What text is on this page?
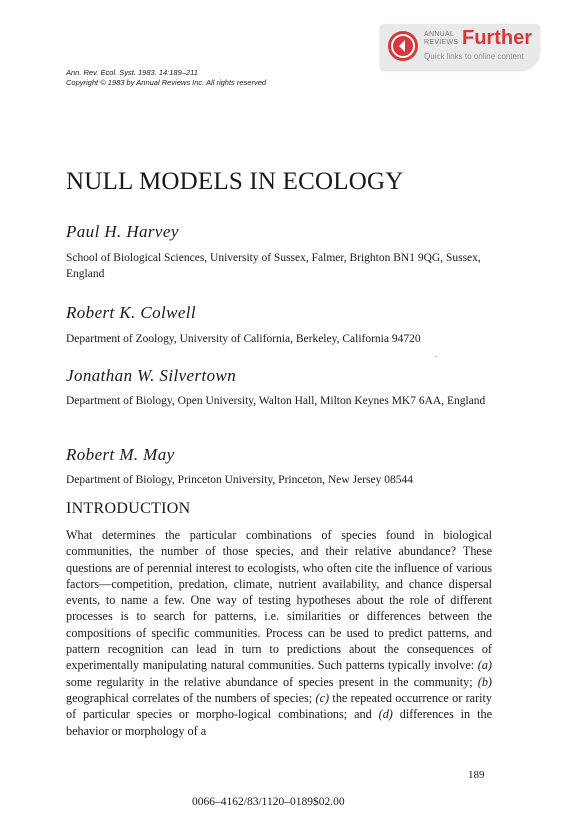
ANNUAL
REVIEWS Further
Quick links to online content
Ann. Rev. Ecol. Syst. 1983. 14:189–211
Copyright © 1983 by Annual Reviews Inc. All rights reserved
NULL MODELS IN ECOLOGY
Paul H. Harvey
School of Biological Sciences, University of Sussex, Falmer, Brighton BN1 9QG, Sussex, England
Robert K. Colwell
Department of Zoology, University of California, Berkeley, California 94720
Jonathan W. Silvertown
Department of Biology, Open University, Walton Hall, Milton Keynes MK7 6AA, England
Robert M. May
Department of Biology, Princeton University, Princeton, New Jersey 08544
INTRODUCTION
What determines the particular combinations of species found in biological communities, the number of those species, and their relative abundance? These questions are of perennial interest to ecologists, who often cite the influence of various factors—competition, predation, climate, nutrient availability, and chance dispersal events, to name a few. One way of testing hypotheses about the role of different processes is to search for patterns, i.e. similarities or differences between the compositions of specific communities. Process can be used to predict patterns, and pattern recognition can lead in turn to predictions about the consequences of experimentally manipulating natural communities. Such patterns typically involve: (a) some regularity in the relative abundance of species present in the community; (b) geographical correlates of the numbers of species; (c) the repeated occurrence or rarity of particular species or morpho-logical combinations; and (d) differences in the behavior or morphology of a
189
0066–4162/83/1120–0189$02.00
